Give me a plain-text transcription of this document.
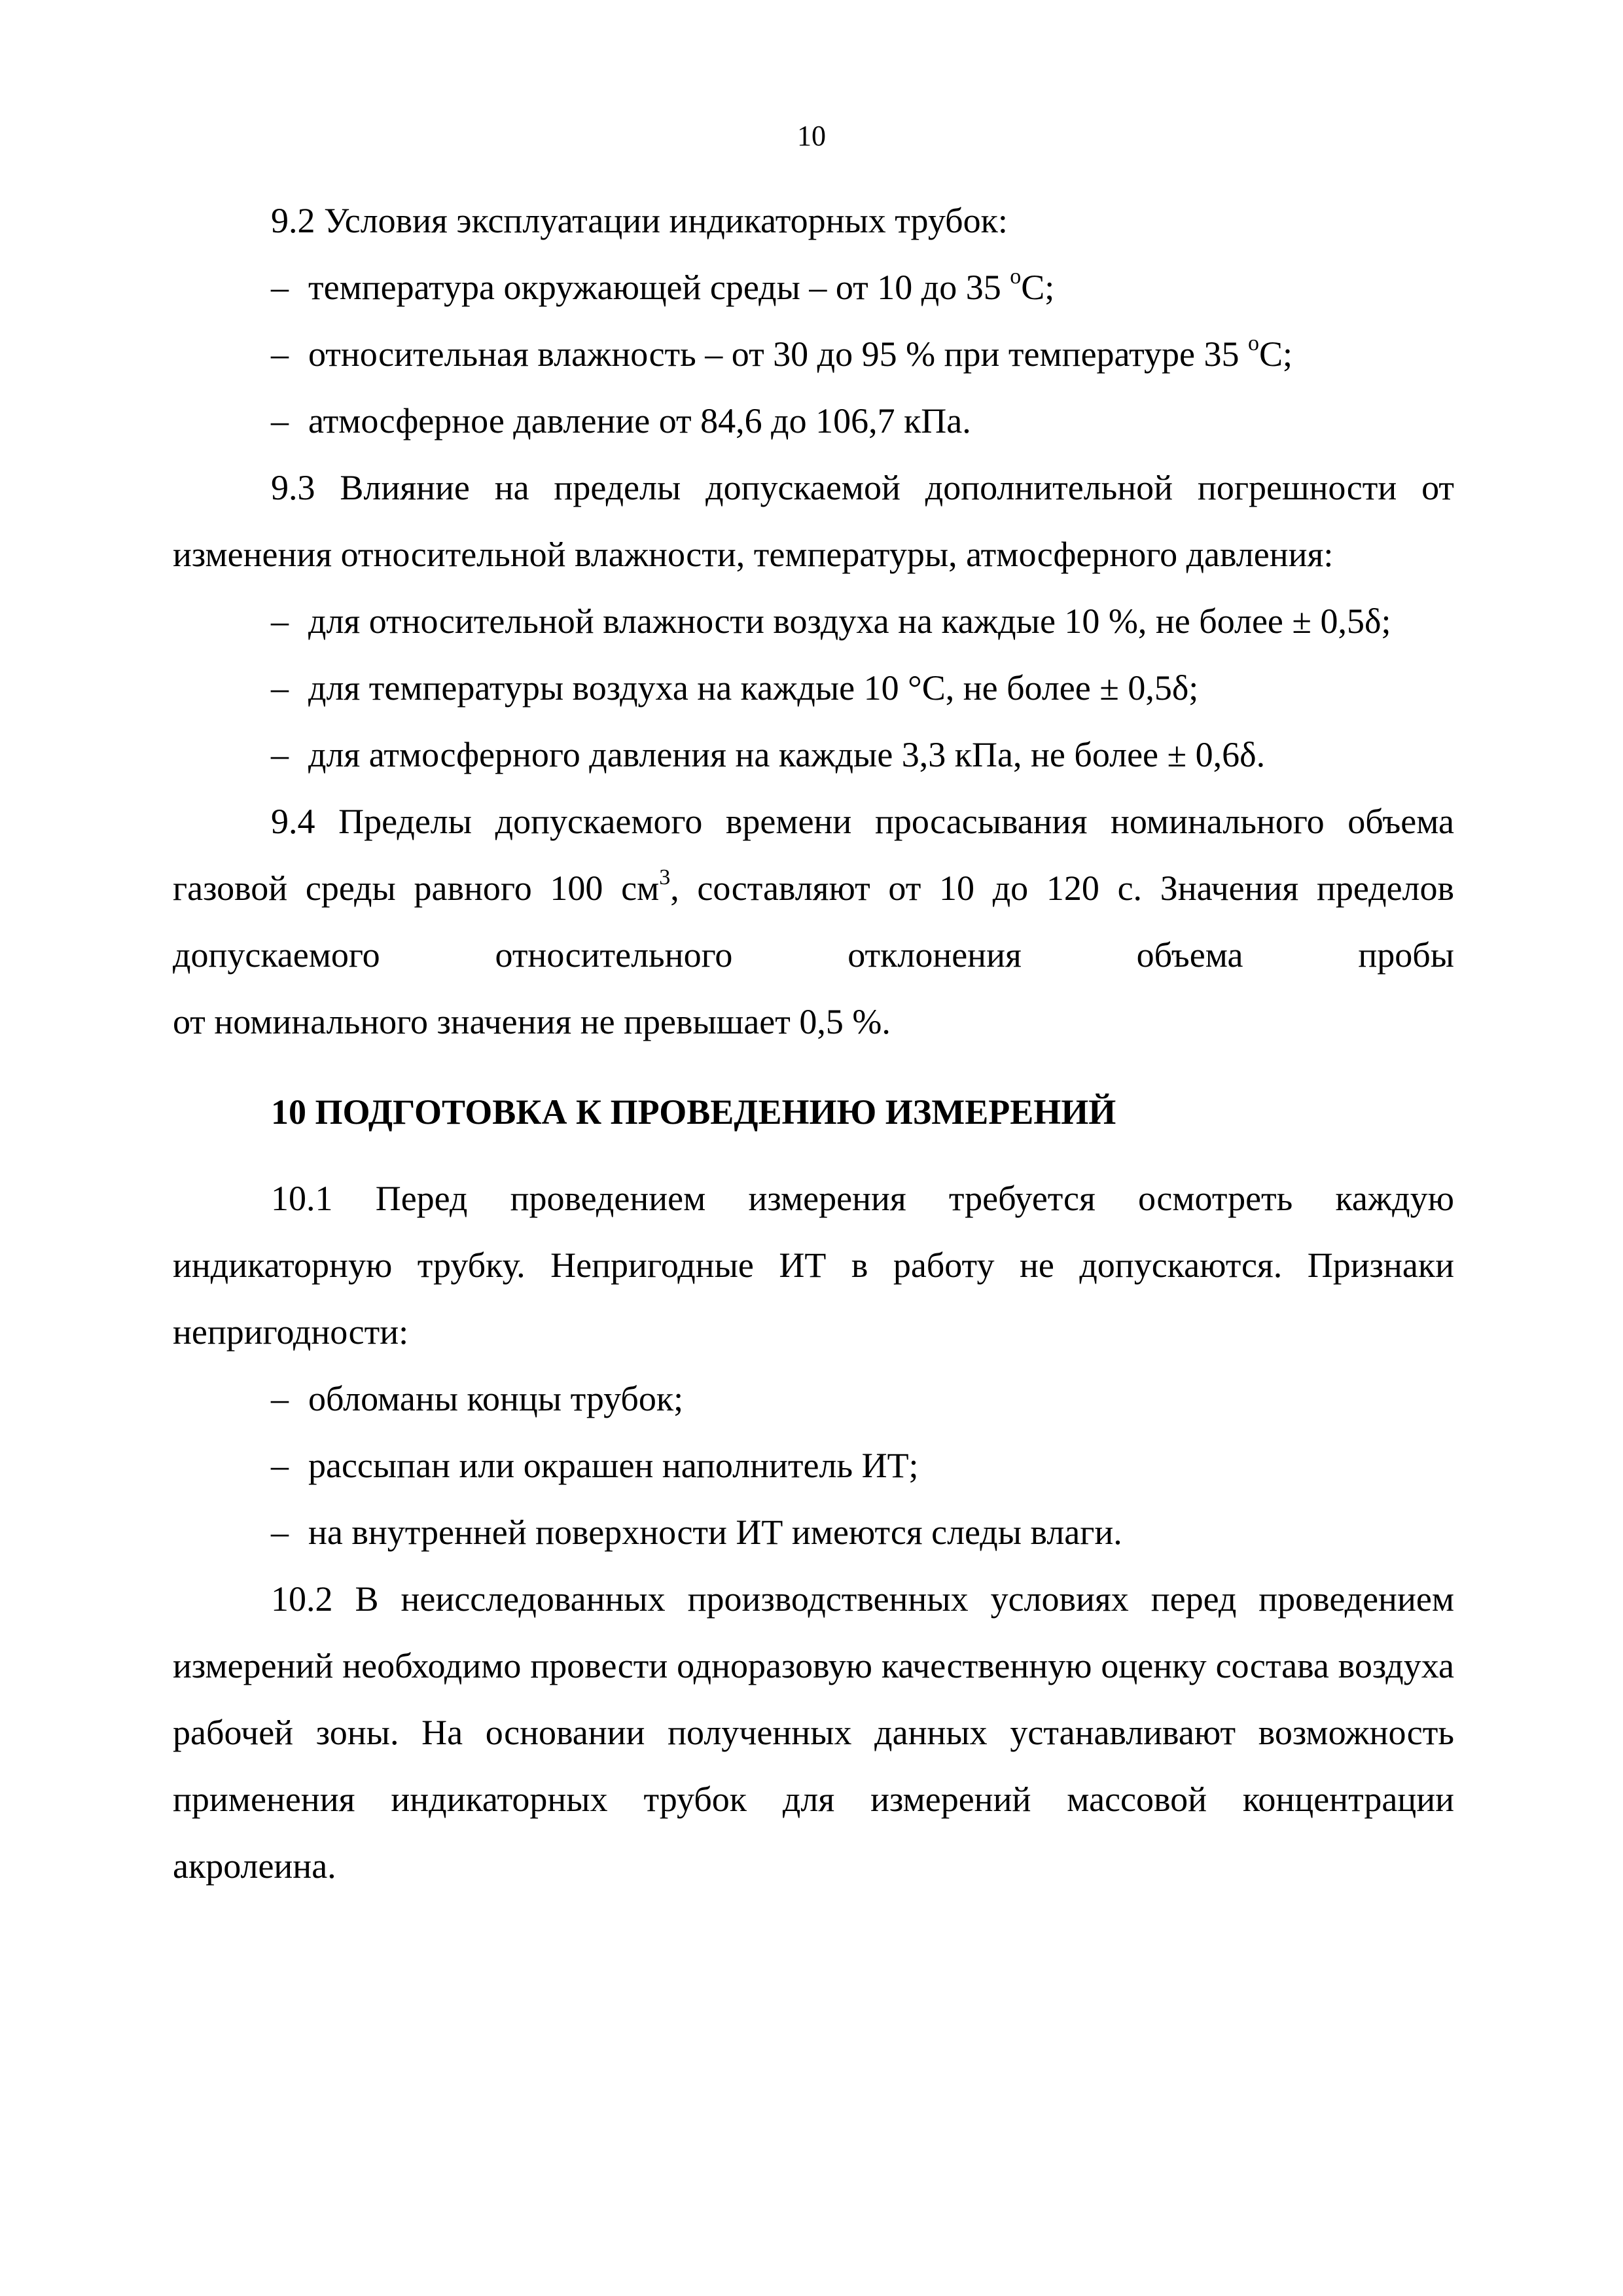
10

9.2 Условия эксплуатации индикаторных трубок:

– температура окружающей среды – от 10 до 35 $^о$С;

– относительная влажность – от 30 до 95 % при температуре 35 $^о$С;

– атмосферное давление от 84,6 до 106,7 кПа.

9.3 Влияние на пределы допускаемой дополнительной погрешности от изменения относительной влажности, температуры, атмосферного давления:

– для относительной влажности воздуха на каждые 10 %, не более ± 0,5δ;

– для температуры воздуха на каждые 10 °С, не более ± 0,5δ;

– для атмосферного давления на каждые 3,3 кПа, не более ± 0,6δ.

9.4 Пределы допускаемого времени просасывания номинального объема газовой среды равного 100 $см^3$, составляют от 10 до 120 с. Значения пределов допускаемого относительного отклонения объема пробы

от номинального значения не превышает 0,5 %.

10 ПОДГОТОВКА К ПРОВЕДЕНИЮ ИЗМЕРЕНИЙ

10.1 Перед проведением измерения требуется осмотреть каждую индикаторную трубку. Непригодные ИТ в работу не допускаются. Признаки непригодности:

– обломаны концы трубок;

– рассыпан или окрашен наполнитель ИТ;

– на внутренней поверхности ИТ имеются следы влаги.

10.2 В неисследованных производственных условиях перед проведением измерений необходимо провести одноразовую качественную оценку состава воздуха рабочей зоны. На основании полученных данных устанавливают возможность применения индикаторных трубок для измерений массовой концентрации акролеина.
